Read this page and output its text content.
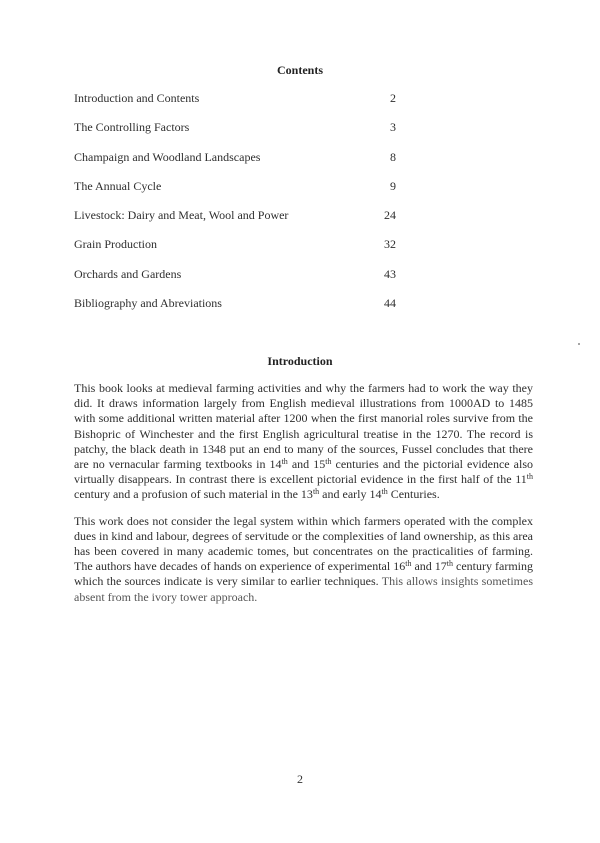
Contents
Introduction and Contents	2
The Controlling Factors	3
Champaign and Woodland Landscapes	8
The Annual Cycle	9
Livestock: Dairy and Meat, Wool and Power	24
Grain Production	32
Orchards and Gardens	43
Bibliography and Abreviations	44
Introduction

This book looks at medieval farming activities and why the farmers had to work the way they did. It draws information largely from English medieval illustrations from 1000AD to 1485 with some additional written material after 1200 when the first manorial roles survive from the Bishopric of Winchester and the first English agricultural treatise in the 1270. The record is patchy, the black death in 1348 put an end to many of the sources, Fussel concludes that there are no vernacular farming textbooks in 14th and 15th centuries and the pictorial evidence also virtually disappears. In contrast there is excellent pictorial evidence in the first half of the 11th century and a profusion of such material in the 13th and early 14th Centuries.

This work does not consider the legal system within which farmers operated with the complex dues in kind and labour, degrees of servitude or the complexities of land ownership, as this area has been covered in many academic tomes, but concentrates on the practicalities of farming. The authors have decades of hands on experience of experimental 16th and 17th century farming which the sources indicate is very similar to earlier techniques. This allows insights sometimes absent from the ivory tower approach.

2
